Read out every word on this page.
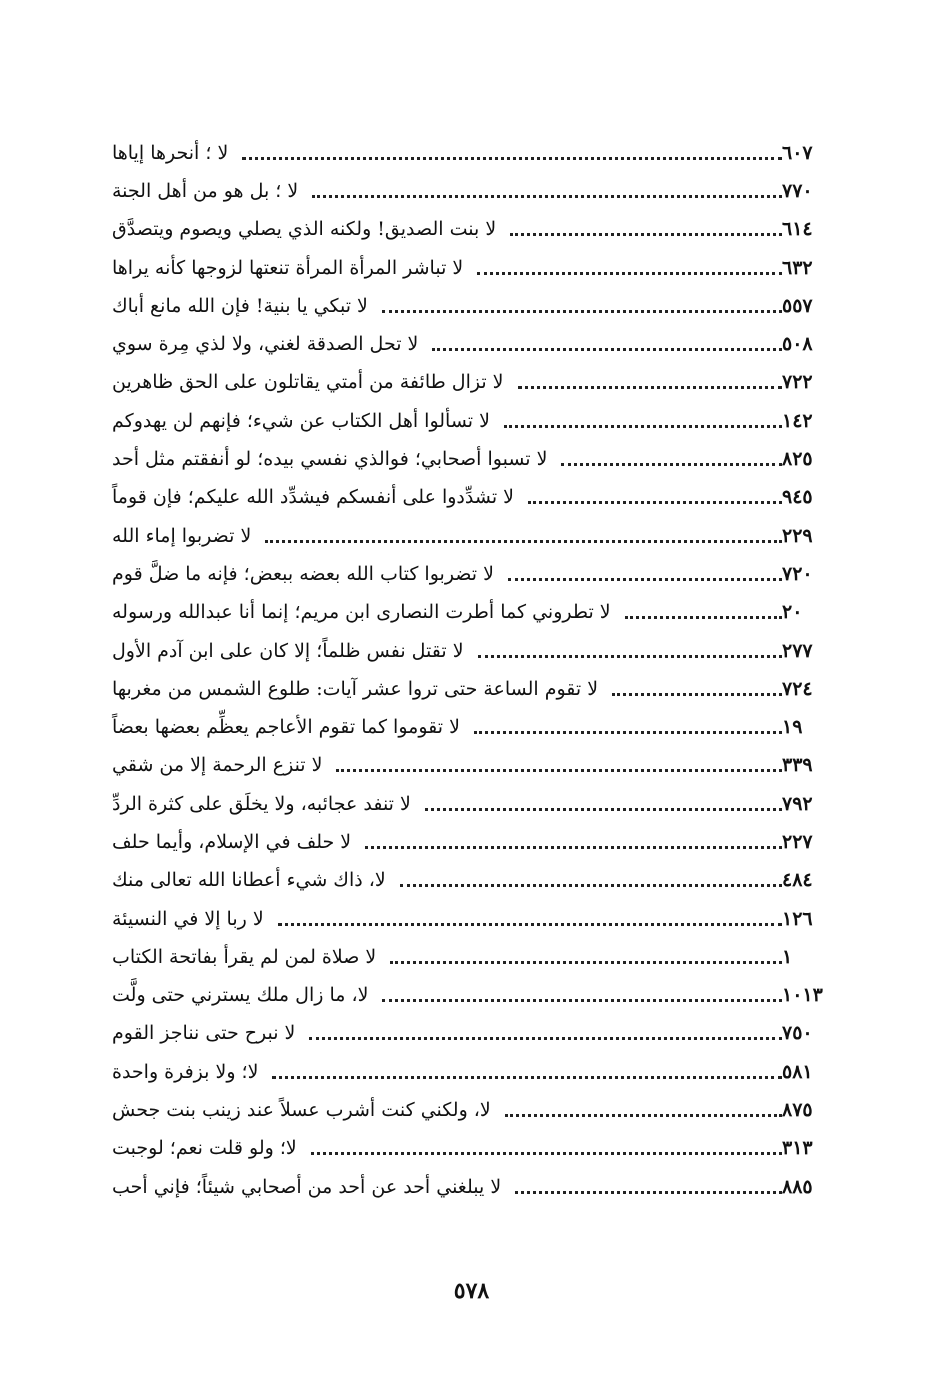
لا ؛ أنحرها إياها	٦٠٧
لا ؛ بل هو من أهل الجنة	٧٧٠
لا بنت الصديق! ولكنه الذي يصلي ويصوم ويتصدَّق	٦١٤
لا تباشر المرأة المرأة تنعتها لزوجها كأنه يراها	٦٣٢
لا تبكي يا بنية! فإن الله مانع أباك	٥٥٧
لا تحل الصدقة لغني، ولا لذي مِرة سوي	٥٠٨
لا تزال طائفة من أمتي يقاتلون على الحق ظاهرين	٧٢٢
لا تسألوا أهل الكتاب عن شيء؛ فإنهم لن يهدوكم	١٤٢
لا تسبوا أصحابي؛ فوالذي نفسي بيده؛ لو أنفقتم مثل أحد	٨٢٥
لا تشدِّدوا على أنفسكم فيشدِّد الله عليكم؛ فإن قوماً	٩٤٥
لا تضربوا إماء الله	٢٢٩
لا تضربوا كتاب الله بعضه ببعض؛ فإنه ما ضلَّ قوم	٧٢٠
لا تطروني كما أطرت النصارى ابن مريم؛ إنما أنا عبدالله ورسوله	٢٠
لا تقتل نفس ظلماً؛ إلا كان على ابن آدم الأول	٢٧٧
لا تقوم الساعة حتى تروا عشر آيات: طلوع الشمس من مغربها	٧٢٤
لا تقوموا كما تقوم الأعاجم يعظِّم بعضها بعضاً	١٩
لا تنزع الرحمة إلا من شقي	٣٣٩
لا تنفد عجائبه، ولا يخلَق على كثرة الردِّ	٧٩٢
لا حلف في الإسلام، وأيما حلف	٢٢٧
لا، ذاك شيء أعطانا الله تعالى منك	٤٨٤
لا ربا إلا في النسيئة	١٢٦
لا صلاة لمن لم يقرأ بفاتحة الكتاب	١
لا، ما زال ملك يسترني حتى ولَّت	١٠١٣
لا نبرح حتى نناجز القوم	٧٥٠
لا؛ ولا بزفرة واحدة	٥٨١
لا، ولكني كنت أشرب عسلاً عند زينب بنت جحش	٨٧٥
لا؛ ولو قلت نعم؛ لوجبت	٣١٣
لا يبلغني أحد عن أحد من أصحابي شيئاً؛ فإني أحب	٨٨٥
٥٧٨
